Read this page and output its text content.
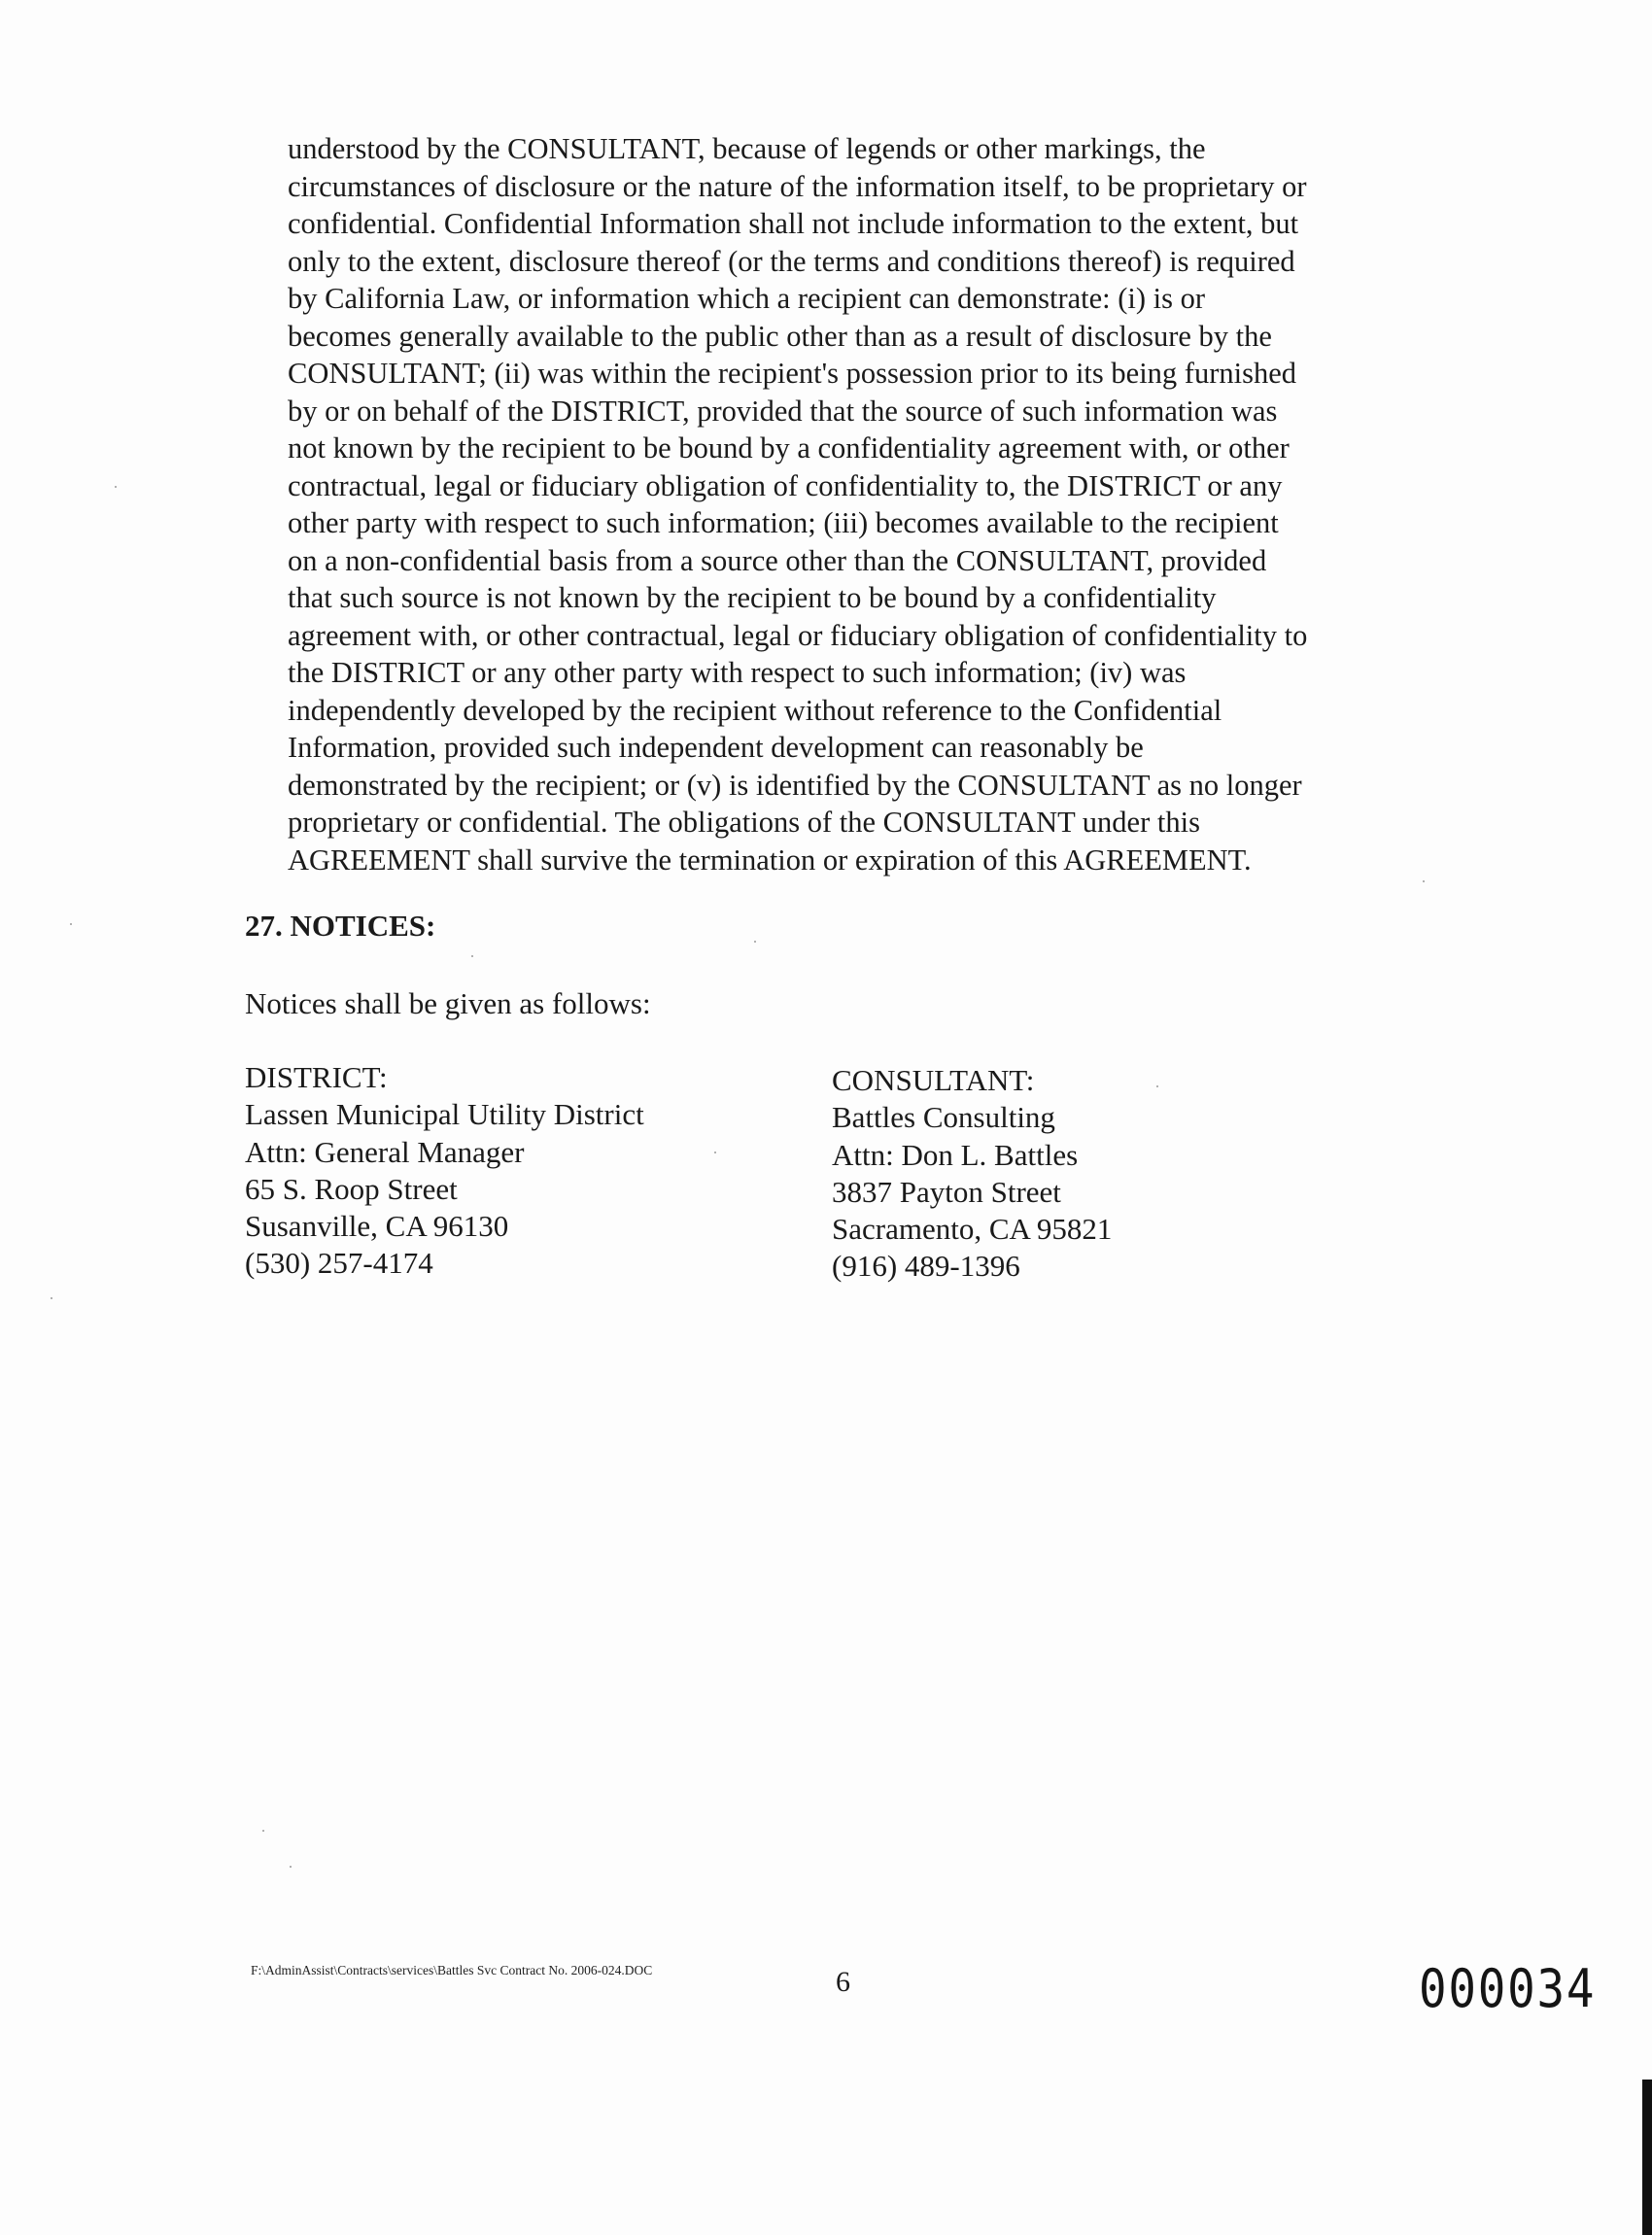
understood by the CONSULTANT, because of legends or other markings, the
circumstances of disclosure or the nature of the information itself, to be proprietary or
confidential. Confidential Information shall not include information to the extent, but
only to the extent, disclosure thereof (or the terms and conditions thereof) is required
by California Law, or information which a recipient can demonstrate: (i) is or
becomes generally available to the public other than as a result of disclosure by the
CONSULTANT; (ii) was within the recipient's possession prior to its being furnished
by or on behalf of the DISTRICT, provided that the source of such information was
not known by the recipient to be bound by a confidentiality agreement with, or other
contractual, legal or fiduciary obligation of confidentiality to, the DISTRICT or any
other party with respect to such information; (iii) becomes available to the recipient
on a non-confidential basis from a source other than the CONSULTANT, provided
that such source is not known by the recipient to be bound by a confidentiality
agreement with, or other contractual, legal or fiduciary obligation of confidentiality to
the DISTRICT or any other party with respect to such information; (iv) was
independently developed by the recipient without reference to the Confidential
Information, provided such independent development can reasonably be
demonstrated by the recipient; or (v) is identified by the CONSULTANT as no longer
proprietary or confidential. The obligations of the CONSULTANT under this
AGREEMENT shall survive the termination or expiration of this AGREEMENT.
27. NOTICES:
Notices shall be given as follows:
DISTRICT:
Lassen Municipal Utility District
Attn: General Manager
65 S. Roop Street
Susanville, CA 96130
(530) 257-4174
CONSULTANT:
Battles Consulting
Attn: Don L. Battles
3837 Payton Street
Sacramento, CA 95821
(916) 489-1396
F:\AdminAssist\Contracts\services\Battles Svc Contract No. 2006-024.DOC	6	000034
